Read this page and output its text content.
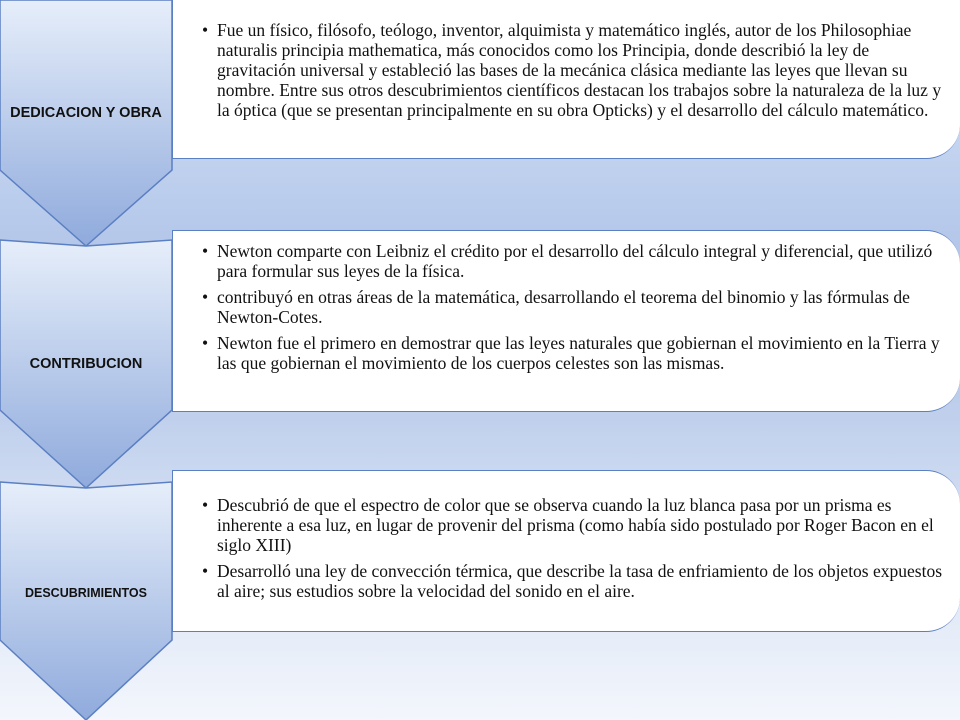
DEDICACION Y OBRA
CONTRIBUCION
DESCUBRIMIENTOS
• Fue un físico, filósofo, teólogo, inventor, alquimista y matemático inglés, autor de los Philosophiae naturalis principia mathematica, más conocidos como los Principia, donde describió la ley de gravitación universal y estableció las bases de la mecánica clásica mediante las leyes que llevan su nombre. Entre sus otros descubrimientos científicos destacan los trabajos sobre la naturaleza de la luz y la óptica (que se presentan principalmente en su obra Opticks) y el desarrollo del cálculo matemático.
• Newton comparte con Leibniz el crédito por el desarrollo del cálculo integral y diferencial, que utilizó para formular sus leyes de la física.
• contribuyó en otras áreas de la matemática, desarrollando el teorema del binomio y las fórmulas de Newton-Cotes.
• Newton fue el primero en demostrar que las leyes naturales que gobiernan el movimiento en la Tierra y las que gobiernan el movimiento de los cuerpos celestes son las mismas.
• Descubrió de que el espectro de color que se observa cuando la luz blanca pasa por un prisma es inherente a esa luz, en lugar de provenir del prisma (como había sido postulado por Roger Bacon en el siglo XIII)
• Desarrolló una ley de convección térmica, que describe la tasa de enfriamiento de los objetos expuestos al aire; sus estudios sobre la velocidad del sonido en el aire.
